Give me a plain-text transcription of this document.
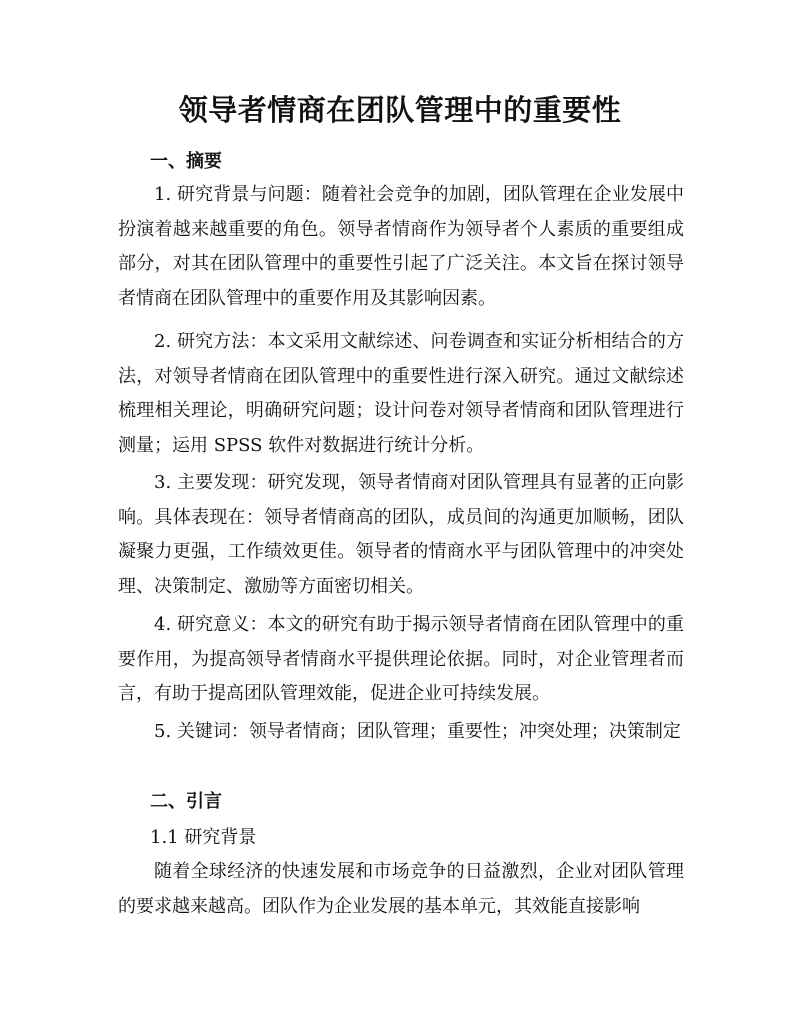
领导者情商在团队管理中的重要性
一、摘要

1. 研究背景与问题：随着社会竞争的加剧，团队管理在企业发展中扮演着越来越重要的角色。领导者情商作为领导者个人素质的重要组成部分，对其在团队管理中的重要性引起了广泛关注。本文旨在探讨领导者情商在团队管理中的重要作用及其影响因素。

2. 研究方法：本文采用文献综述、问卷调查和实证分析相结合的方法，对领导者情商在团队管理中的重要性进行深入研究。通过文献综述梳理相关理论，明确研究问题；设计问卷对领导者情商和团队管理进行测量；运用 SPSS 软件对数据进行统计分析。

3. 主要发现：研究发现，领导者情商对团队管理具有显著的正向影响。具体表现在：领导者情商高的团队，成员间的沟通更加顺畅，团队凝聚力更强，工作绩效更佳。领导者的情商水平与团队管理中的冲突处理、决策制定、激励等方面密切相关。

4. 研究意义：本文的研究有助于揭示领导者情商在团队管理中的重要作用，为提高领导者情商水平提供理论依据。同时，对企业管理者而言，有助于提高团队管理效能，促进企业可持续发展。

5. 关键词：领导者情商；团队管理；重要性；冲突处理；决策制定

二、引言
1.1 研究背景

随着全球经济的快速发展和市场竞争的日益激烈，企业对团队管理的要求越来越高。团队作为企业发展的基本单元，其效能直接影响
